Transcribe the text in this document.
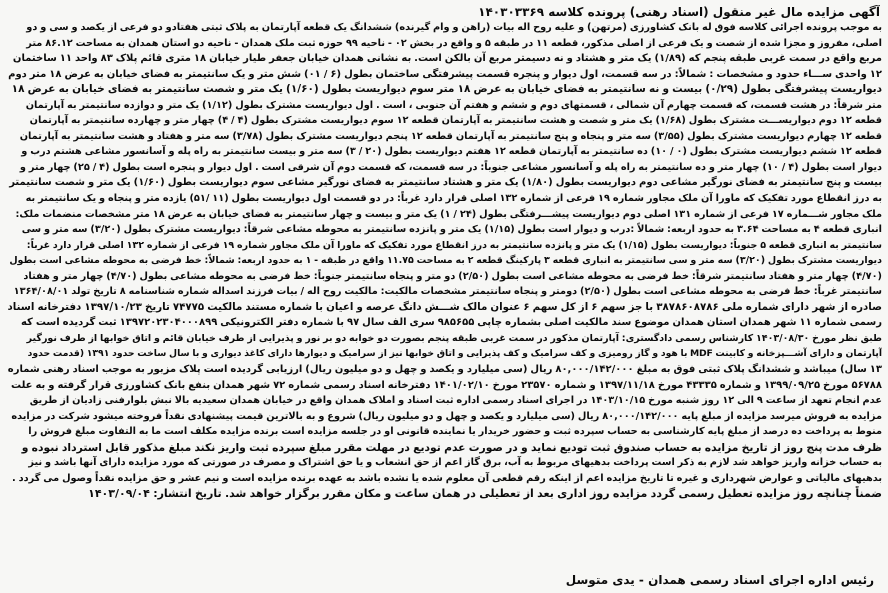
آگهی مزایده مال غیر منقول (اسناد رهنی) پرونده کلاسه ۱۴۰۳۰۳۳۶۹
به موجب پرونده اجرائی کلاسه فوق له بانک کشاورزی (مرتهن) و علیه روح اله بیات (راهن و وام گیرنده) ششدانگ یک قطعه آپارتمان به پلاک ثبتی هفتادو دو فرعی از یکصد و سی و دو
اصلی، مفروز و مجزا شده از شصت و یک فرعی از اصلی مذکور، قطعه ۱۱ در طبقه ۵ و واقع در بخش ۰۲ - ناحیه ۹۹ حوزه ثبت ملک همدان - ناحیه دو استان همدان به مساحت ۸۶.۱۲ متر
مربع واقع در سمت غربی طبقه پنجم که (۱/۸۹) یک متر و هشتاد و نه دسیمتر مربع آن بالکن است. به نشانی همدان خیابان جعفر طیار خیابان ۱۸ متری قائم پلاک ۸۳ واحد ۱۱ ساختمان
۱۲ واحدی ســـاء حدود و مشخصات : شمالاً: در سه قسمت، اول دیوار و پنجره قسمت پیشرفتگی ساختمان بطول (۶ / ۰۱) شش متر و یک سانتیمتر به فضای خیابان به عرض ۱۸ متر دوم
دیواریست پیشرفتگی بطول (۰/۲۹) بیست و نه سانتیمتر به فضای خیابان به عرض ۱۸ متر سوم دیواریست بطول (۱/۶۰) یک متر و شصت سانتیمتر به فضای خیابان به عرض ۱۸
متر شرقاً: در هشت قسمت، که قسمت چهارم آن شمالی ، قسمتهای دوم و ششم و هفتم آن جنوبی ، است . اول دیواریست مشترک بطول (۱/۱۲) یک متر و دوازده سانتیمتر به آپارتمان
قطعه ۱۲ دوم دیواریســـت مشترک بطول (۱/۶۸) یک متر و شصت و هشت سانتیمتر به آپارتمان قطعه ۱۲ سوم دیواریست مشترک بطول (۴ / ۴) چهار متر و چهارده سانتیمتر به آپارتمان
قطعه ۱۲ چهارم دیواریست مشترک بطول (۳/۵۵) سه متر و پنجاه و پنج سانتیمتر به آپارتمان قطعه ۱۲ پنجم دیواریست مشترک بطول (۳/۷۸) سه متر و هفتاد و هشت سانتیمتر به آپارتمان
قطعه ۱۲ ششم دیواریست مشترک بطول (۰ / ۱۰) ده سانتیمتر به آپارتمان قطعه ۱۲ هفتم دیواریست بطول (۲۰ / ۳) سه متر و بیست سانتیمتر به راه پله و آسانسور مشاعی هشتم درب و
دیوار است بطول (۴ / ۱۰) چهار متر و ده سانتیمتر به راه پله و آسانسور مشاعی جنوباً: در سه قسمت، که قسمت دوم آن شرقی است . اول دیوار و پنجره است بطول (۴ / ۲۵) چهار متر و
بیست و پنج سانتیمتر به فضای نورگیر مشاعی دوم دیواریست بطول (۱/۸۰) یک متر و هشتاد سانتیمتر به فضای نورگیر مشاعی سوم دیواریست بطول (۱/۶۰) یک متر و شصت سانتیمتر
به درز انقطاع مورد تفکیک که ماورا آن ملک مجاور شماره ۱۹ فرعی از شماره ۱۳۲ اصلی قرار دارد غرباً: در دو قسمت اول دیواریست بطول (۱۱ /۵۱) یازده متر و پنجاه و یک سانتیمتر به
ملک مجاور شـــماره ۱۷ فرعی از شماره ۱۳۱ اصلی دوم دیواریست پیشـــرفتگی بطول (۲۴ / ۱) یک متر و بیست و چهار سانتیمتر به فضای خیابان به عرض ۱۸ متر مشخصات منضمات ملک:
انباری قطعه ۴ به مساحت ۳.۶۴ به حدود اربعه: شمالاً :درب و دیوار است بطول (۱/۱۵) یک متر و پانزده سانتیمتر به محوطه مشاعی شرقاً: دیواریست مشترک بطول (۳/۲۰) سه متر و سی
سانتیمتر به انباری قطعه ۵ جنوباً: دیواریست بطول (۱/۱۵) یک متر و پانزده سانتیمتر به درز انقطاع مورد تفکیک که ماورا آن ملک مجاور شماره ۱۹ فرعی از شماره ۱۳۲ اصلی قرار دارد غرباً:
دیواریست مشترک بطول (۳/۲۰) سه متر و سی سانتیمتر به انباری قطعه ۳ پارکینگ قطعه ۲ به مساحت ۱۱.۷۵ واقع در طبقه - ۱ به حدود اربعه: شمالاً: خط فرضی به محوطه مشاعی است بطول
(۴/۷۰) چهار متر و هفتاد سانتیمتر شرقاً: خط فرضی به محوطه مشاعی است بطول (۲/۵۰) دو متر و پنجاه سانتیمتر جنوباً: خط فرضی به محوطه مشاعی بطول (۴/۷۰) چهار متر و هفتاد
سانتیمتر غرباً: خط فرضی به محوطه مشاعی است بطول (۲/۵۰) دومتر و پنجاه سانتیمتر مشخصات مالکیت: مالکیت روح اله / بیات فرزند اسداله شماره شناسنامه ۸ تاریخ تولد ۱۳۶۴/۰۸/۰۱
صادره از شهر دارای شماره ملی ۳۸۷۸۶۰۸۷۸۶ با جز سهم ۶ از کل سهم ۶ عنوان مالک شـــش دانگ عرصه و اعیان با شماره مستند مالکیت ۷۴۷۷۵ تاریخ ۱۳۹۷/۱۰/۲۳ دفترخانه اسناد
رسمی شماره ۱۱ شهر همدان استان همدان موضوع سند مالکیت اصلی بشماره چاپی ۹۸۵۶۵۵ سری الف سال ۹۷ با شماره دفتر الکترونیکی ۱۳۹۷۲۰۲۳۰۴۰۰۰۸۹۹ ثبت گردیده است که
طبق نظر مورخ ۱۴۰۳/۰۸/۳۰ کارشناس رسمی دادگستری: آپارتمان مذکور در سمت غربی طبقه پنجم بصورت دو خوابه دو بر نور و پذیرایی از طرف خیابان قائم و اتاق خوابها از طرف نورگیر
آپارتمان و دارای آشـــپزخانه و کابینت MDF با هود و گاز رومیزی و کف سرامیک و کف پذیرایی و اتاق خوابها نیز از سرامیک و دیوارها دارای کاغذ دیواری و با سال ساخت حدود ۱۳۹۱ (قدمت حدود
۱۳ سال) میباشد و ششدانگ پلاک ثبتی فوق به مبلغ ۸۰,۰۰۰/۱۴۲/۰۰۰ ریال (سی میلیارد و یکصد و چهل و دو میلیون ریال) ارزیابی گردیده است پلاک مزبور به موجب اسناد رهنی شماره
۵۶۷۸۸ مورخ ۱۳۹۹/۰۹/۲۵ و شماره ۴۳۳۳۵ مورخ ۱۳۹۷/۱۱/۱۸ و شماره ۲۳۵۷۰ مورخ ۱۴۰۱/۰۲/۱۰ دفترخانه اسناد رسمی شماره ۷۲ شهر همدان بنفع بانک کشاورزی قرار گرفته و به علت
عدم انجام تعهد از ساعت ۹ الی ۱۲ روز شنبه مورخ ۱۴۰۳/۱۰/۱۵ در اجرای اسناد رسمی اداره ثبت اسناد و املاک همدان واقع در خیابان همدان سعیدیه بالا نبش بلوارفنی زادیان از طریق
مزایده به فروش میرسد مزایده از مبلغ پایه ۸۰,۰۰۰/۱۴۲/۰۰۰ ریال (سی میلیارد و یکصد و چهل و دو میلیون ریال) شروع و به بالاترین قیمت پیشنهادی نقداً فروخته میشود شرکت در مزایده
منوط به پرداخت ده درصد از مبلغ پایه کارشناسی به حساب سپرده ثبت و حضور خریدار یا نماینده قانونی او در جلسه مزایده است برنده مزایده مکلف است ما به التفاوت مبلغ فروش را
ظرف مدت پنج روز از تاریخ مزایده به حساب صندوق ثبت تودیع نماید و در صورت عدم تودیع در مهلت مقرر مبلغ سپرده ثبت واریز نکند مبلغ مذکور قابل استرداد نبوده و
به حساب خزانه واریز خواهد شد لازم به ذکر است پرداخت بدهیهای مربوط به آب، برق گاز اعم از حق انشعاب و یا حق اشتراک و مصرف در صورتی که مورد مزایده دارای آنها باشد و نیز
بدهیهای مالیاتی و عوارض شهرداری و غیره تا تاریخ مزایده اعم از اینکه رقم قطعی آن معلوم شده یا نشده باشد به عهده برنده مزایده است و نیم عشر و حق مزایده نقداً وصول می گردد .
ضمناً چنانچه روز مزایده تعطیل رسمی گردد مزایده روز اداری بعد از تعطیلی در همان ساعت و مکان مقرر برگزار خواهد شد. تاریخ انتشار: ۱۴۰۳/۰۹/۰۴
رئیس اداره اجرای اسناد رسمی همدان - یدی متوسل
